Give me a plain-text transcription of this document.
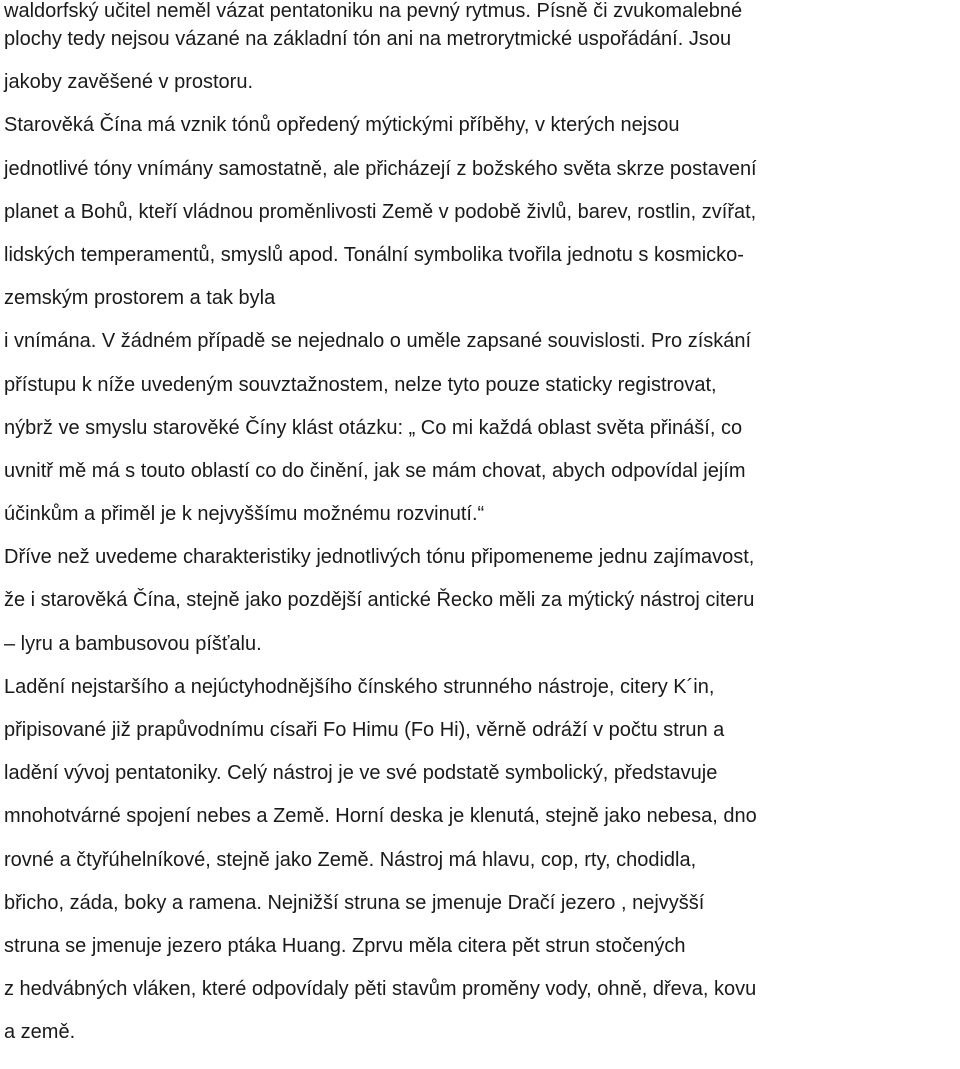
waldorfský učitel neměl vázat pentatoniku na pevný rytmus. Písně či zvukomalebné
plochy tedy nejsou vázané na základní tón ani na metrorytmické uspořádání. Jsou
jakoby zavěšené v prostoru.
Starověká Čína má vznik tónů opředený mýtickými příběhy, v kterých nejsou
jednotlivé tóny vnímány samostatně, ale přicházejí z božského světa skrze postavení
planet a Bohů, kteří vládnou proměnlivosti Země v podobě živlů, barev, rostlin, zvířat,
lidských temperamentů, smyslů apod. Tonální symbolika tvořila jednotu s kosmicko-
zemským prostorem a tak byla
i vnímána. V žádném případě se nejednalo o uměle zapsané souvislosti. Pro získání
přístupu k níže uvedeným souvztažnostem, nelze tyto pouze staticky registrovat,
nýbrž ve smyslu starověké Číny klást otázku: „ Co mi každá oblast světa přináší, co
uvnitř mě má s touto oblastí co do činění, jak se mám chovat, abych odpovídal jejím
účinkům a přiměl je k nejvyššímu možnému rozvinutí.“
Dříve než uvedeme charakteristiky jednotlivých tónu připomeneme jednu zajímavost,
že i starověká Čína, stejně jako pozdější antické Řecko měli za mýtický nástroj citeru
– lyru a bambusovou píšťalu.
Ladění nejstaršího a nejúctyhodnějšího čínského strunného nástroje, citery K´in,
připisované již prapůvodnímu císaři Fo Himu (Fo Hi), věrně odráží v počtu strun a
ladění vývoj pentatoniky. Celý nástroj je ve své podstatě symbolický, představuje
mnohotvárné spojení nebes a Země. Horní deska je klenutá, stejně jako nebesa, dno
rovné a čtyřúhelníkové, stejně jako Země. Nástroj má hlavu, cop, rty, chodidla,
břicho, záda, boky a ramena. Nejnižší struna se jmenuje Dračí jezero , nejvyšší
struna se jmenuje jezero ptáka Huang. Zprvu měla citera pět strun stočených
z hedvábných vláken, které odpovídaly pěti stavům proměny vody, ohně, dřeva, kovu
a země.
